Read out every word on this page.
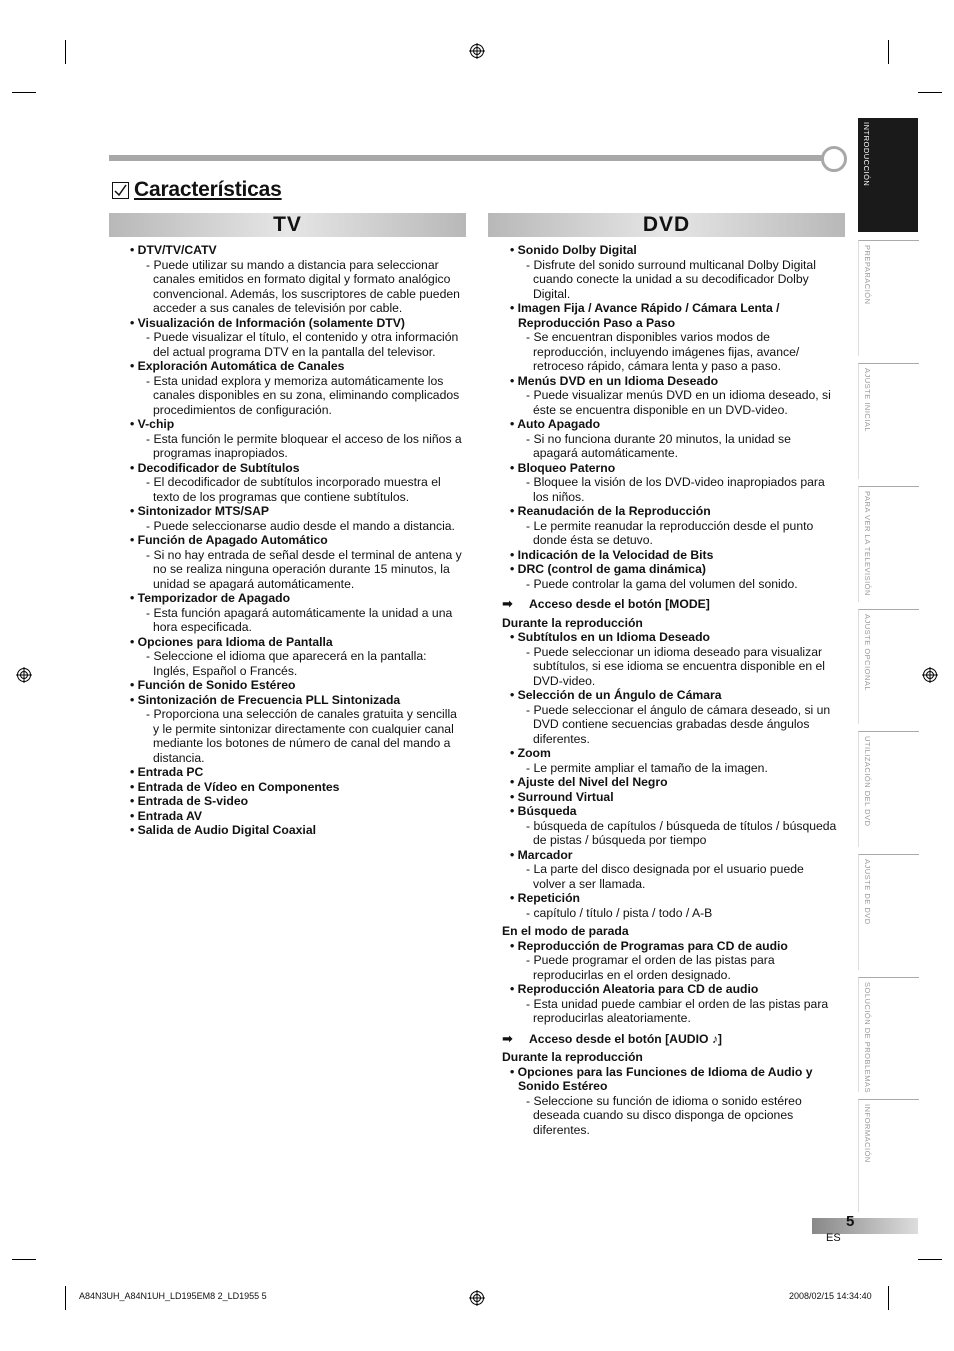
Características
TV	DVD
• DTV/TV/CATV
- Puede utilizar su mando a distancia para seleccionar canales emitidos en formato digital y formato analógico convencional. Además, los suscriptores de cable pueden acceder a sus canales de televisión por cable.
• Visualización de Información (solamente DTV)
- Puede visualizar el título, el contenido y otra información del actual programa DTV en la pantalla del televisor.
• Exploración Automática de Canales
- Esta unidad explora y memoriza automáticamente los canales disponibles en su zona, eliminando complicados procedimientos de configuración.
• V-chip
- Esta función le permite bloquear el acceso de los niños a programas inapropiados.
• Decodificador de Subtítulos
- El decodificador de subtítulos incorporado muestra el texto de los programas que contiene subtítulos.
• Sintonizador MTS/SAP
- Puede seleccionarse audio desde el mando a distancia.
• Función de Apagado Automático
- Si no hay entrada de señal desde el terminal de antena y no se realiza ninguna operación durante 15 minutos, la unidad se apagará automáticamente.
• Temporizador de Apagado
- Esta función apagará automáticamente la unidad a una hora especificada.
• Opciones para Idioma de Pantalla
- Seleccione el idioma que aparecerá en la pantalla: Inglés, Español o Francés.
• Función de Sonido Estéreo
• Sintonización de Frecuencia PLL Sintonizada
- Proporciona una selección de canales gratuita y sencilla y le permite sintonizar directamente con cualquier canal mediante los botones de número de canal del mando a distancia.
• Entrada PC
• Entrada de Vídeo en Componentes
• Entrada de S-video
• Entrada AV
• Salida de Audio Digital Coaxial
• Sonido Dolby Digital
- Disfrute del sonido surround multicanal Dolby Digital cuando conecte la unidad a su decodificador Dolby Digital.
• Imagen Fija / Avance Rápido / Cámara Lenta / Reproducción Paso a Paso
- Se encuentran disponibles varios modos de reproducción, incluyendo imágenes fijas, avance/ retroceso rápido, cámara lenta y paso a paso.
• Menús DVD en un Idioma Deseado
- Puede visualizar menús DVD en un idioma deseado, si éste se encuentra disponible en un DVD-video.
• Auto Apagado
- Si no funciona durante 20 minutos, la unidad se apagará automáticamente.
• Bloqueo Paterno
- Bloquee la visión de los DVD-video inapropiados para los niños.
• Reanudación de la Reproducción
- Le permite reanudar la reproducción desde el punto donde ésta se detuvo.
• Indicación de la Velocidad de Bits
• DRC (control de gama dinámica)
- Puede controlar la gama del volumen del sonido.
➡ Acceso desde el botón [MODE]
Durante la reproducción
• Subtítulos en un Idioma Deseado
- Puede seleccionar un idioma deseado para visualizar subtítulos, si ese idioma se encuentra disponible en el DVD-video.
• Selección de un Ángulo de Cámara
- Puede seleccionar el ángulo de cámara deseado, si un DVD contiene secuencias grabadas desde ángulos diferentes.
• Zoom
- Le permite ampliar el tamaño de la imagen.
• Ajuste del Nivel del Negro
• Surround Virtual
• Búsqueda
- búsqueda de capítulos / búsqueda de títulos / búsqueda de pistas / búsqueda por tiempo
• Marcador
- La parte del disco designada por el usuario puede volver a ser llamada.
• Repetición
- capítulo / título / pista / todo / A-B
En el modo de parada
• Reproducción de Programas para CD de audio
- Puede programar el orden de las pistas para reproducirlas en el orden designado.
• Reproducción Aleatoria para CD de audio
- Esta unidad puede cambiar el orden de las pistas para reproducirlas aleatoriamente.
➡ Acceso desde el botón [AUDIO ♪]
Durante la reproducción
• Opciones para las Funciones de Idioma de Audio y Sonido Estéreo
- Seleccione su función de idioma o sonido estéreo deseada cuando su disco disponga de opciones diferentes.
INTRODUCCIÓN
PREPARACIÓN
AJUSTE INICIAL
PARA VER LA TELEVISIÓN
AJUSTE OPCIONAL
UTILIZACIÓN DEL DVD
AJUSTE DE DVD
SOLUCIÓN DE PROBLEMAS
INFORMACIÓN
5
ES
A84N3UH_A84N1UH_LD195EM8 2_LD1955 5	2008/02/15 14:34:40
